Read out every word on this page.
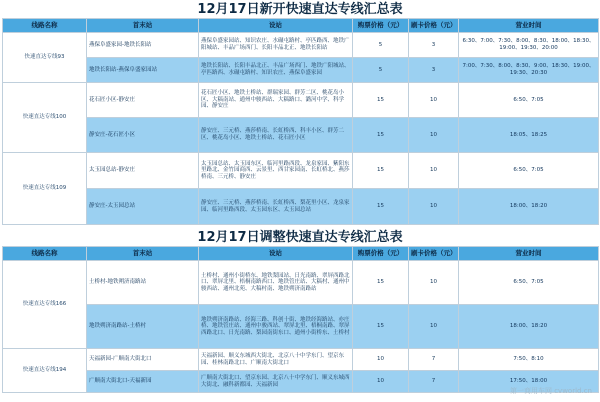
12月17日新开快速直达专线汇总表

线路名称	首末站	设站	购票价格（元）	刷卡价格（元）	营业时间
快速直达专线93	燕保阜盛家园-地铁长阳站	燕保阜盛家园站、知识农庄、水碾屯路村、亭匹路西、地铁广阳城站、丰品广场西门、长阳丰品北正、地铁长阳站	5	3	6:30、7:00、7:30、8:00、8:30、18:00、18:30、19:00、19:30、20:00
	地铁长阳站-燕保阜盛家园站	地铁长阳站、长阳丰品北正、丰品广场西门、地铁广阳城站、亭匹路西、水碾屯路村、知识农庄、燕保阜盛家园	5	3	7:00、7:30、8:00、8:30、9:00、18:30、19:00、19:30、20:30
快速直达专线100	花石匠小区-静安庄	花石匠小区、地铁土桥站、群瑞家园、群芳二区、桃花岛小区、大稿南站、通州中骏西站、大稿路口、潞河中学、科学园、静安庄	15	10	6:50、7:05
	静安庄-花石匠小区	静安庄、三元桥、燕莎桥南、长虹桥西、科丰小区、群芳二区、桃花岛小区、地铁土桥站、花石匠小区	15	10	18:05、18:25
快速直达专线109	太玉园总站-静安庄	太玉园总站、太玉园东区、临河里路西段、龙泉家园、紫阳东里路北、金竹园商西、云景里、西甘家园南、长虹桥北、燕莎桥南、三元桥、静安庄	15	10	6:50、7:05
	静安庄-太玉园总站	静安庄、三元桥、燕莎桥南、长虹桥西、梨花里小区、龙泉家园、临河里路西段、太玉园东区、太玉园总站	15	10	18:00、18:20

12月17日调整快速直达专线汇总表

线路名称	首末站	设站	购票价格（元）	刷卡价格（元）	营业时间
快速直达专线166	土桥村-地铁朔济南路站	土桥村、通州小街桥东、地铁梨园站、日光南路、翠屏西路北口、翠屏北里、梧桐南路西口、地铁管庄站、大稿村、通州中骏西站、通州北苑、大稿村南、地铁朔济南路站	15	10	6:50、7:05
	地铁朔济南路站-土桥村	地铁朔济南路站、经海三路、科创十街、地铁经海路站、亦庄桥、地铁管庄站、通州中骏西站、翠屏北里、梧桐南路、翠屏西路北口、日光南路、梨园南街东口、通州小街桥东、土桥村	15	10	18:00、18:20
快速直达专线194	天福新园-广顺南大街北口	天福新园、顺义东城西大街北、北京八十中学东门、望京东园、桂林南路北口、广顺南大街北口	10	7	7:50、8:10
	广顺南大街北口-天福新园	广顺南大街北口、望京东园、北京八十中学东门、顺义东城西大街北、融科新都园、天福新园	10	7	17:50、18:00
第一商用车网 cvworld.cn
